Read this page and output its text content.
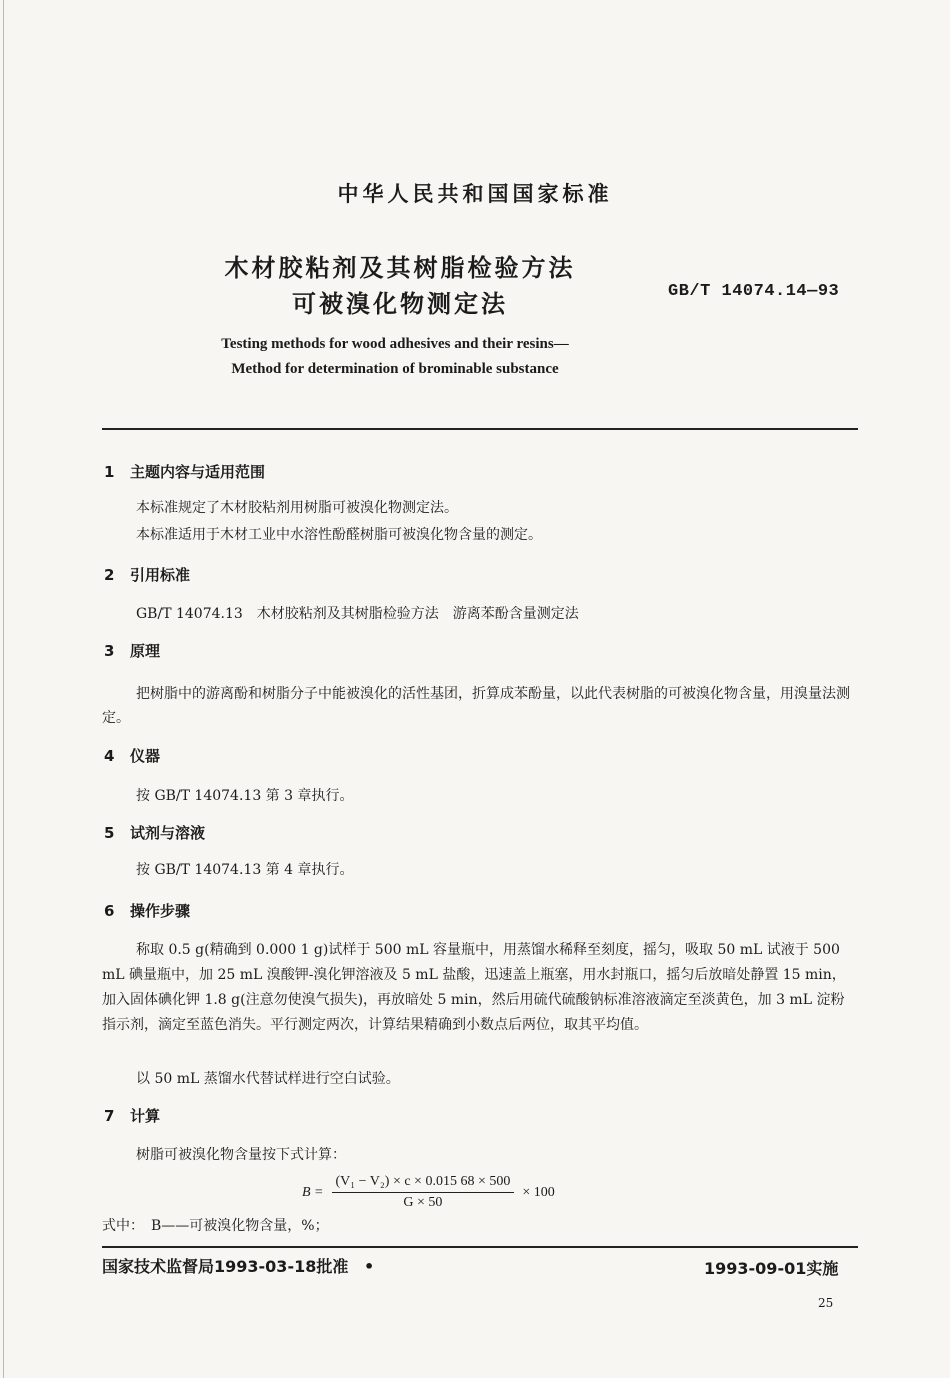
中华人民共和国国家标准
木材胶粘剂及其树脂检验方法
可被溴化物测定法	GB/T 14074.14—93
Testing methods for wood adhesives and their resins—
Method for determination of brominable substance
1 主题内容与适用范围
本标准规定了木材胶粘剂用树脂可被溴化物测定法。
本标准适用于木材工业中水溶性酚醛树脂可被溴化物含量的测定。
2 引用标准
GB/T 14074.13　木材胶粘剂及其树脂检验方法　游离苯酚含量测定法
3 原理
把树脂中的游离酚和树脂分子中能被溴化的活性基团，折算成苯酚量，以此代表树脂的可被溴化物含量，用溴量法测定。
4 仪器
按 GB/T 14074.13 第 3 章执行。
5 试剂与溶液
按 GB/T 14074.13 第 4 章执行。
6 操作步骤
称取 0.5 g(精确到 0.000 1 g)试样于 500 mL 容量瓶中，用蒸馏水稀释至刻度，摇匀，吸取 50 mL 试液于 500 mL 碘量瓶中，加 25 mL 溴酸钾-溴化钾溶液及 5 mL 盐酸，迅速盖上瓶塞，用水封瓶口，摇匀后放暗处静置 15 min，加入固体碘化钾 1.8 g(注意勿使溴气损失)，再放暗处 5 min，然后用硫代硫酸钠标准溶液滴定至淡黄色，加 3 mL 淀粉指示剂，滴定至蓝色消失。平行测定两次，计算结果精确到小数点后两位，取其平均值。
以 50 mL 蒸馏水代替试样进行空白试验。
7 计算
树脂可被溴化物含量按下式计算：
$B = \frac{\text{(V₁ − V₂) × c × 0.015 68 × 500}}{G \times 50} \times 100$
式中：　B——可被溴化物含量，%；
国家技术监督局1993-03-18批准 •	1993-09-01实施
25
